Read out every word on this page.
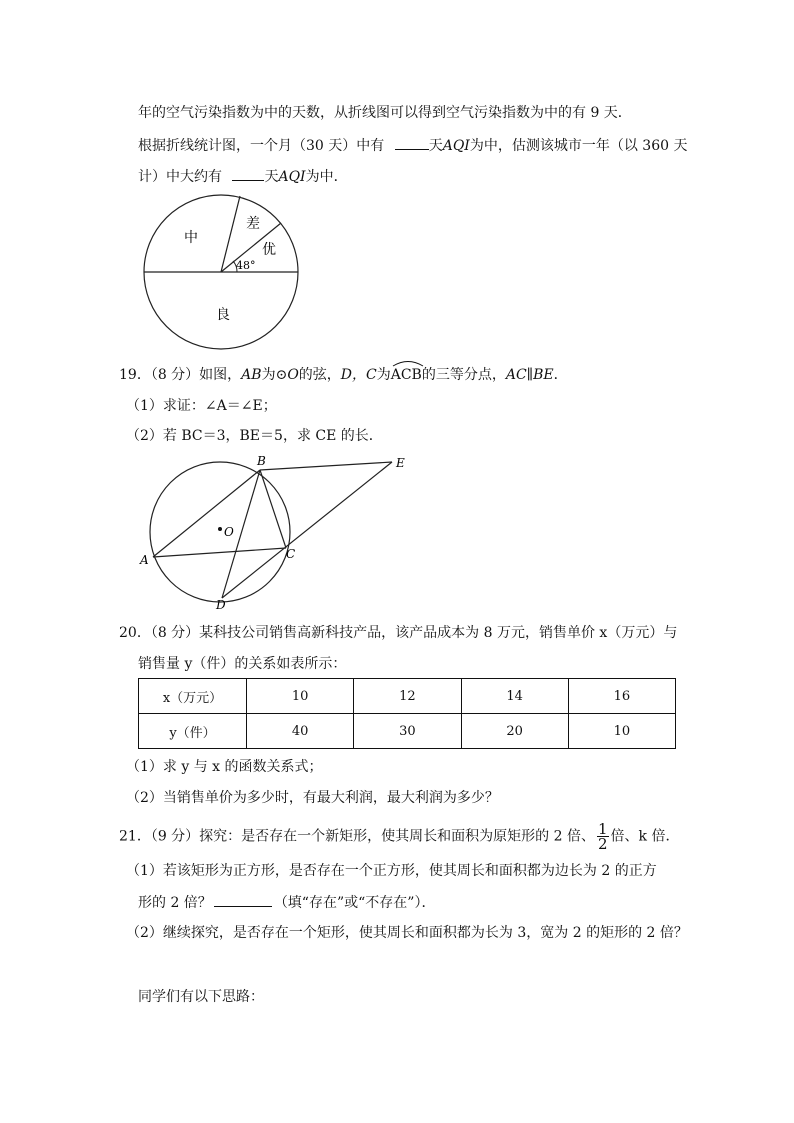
年的空气污染指数为中的天数，从折线图可以得到空气污染指数为中的有 9 天．
根据折线统计图，一个月（30 天）中有	天AQI为中，估测该城市一年（以 360 天
计）中大约有	天AQI为中．
中
差
优
48°
良
19．（8 分）如图，AB为⊙O的弦，D，C为
ACB的三等分点，AC∥BE．
（1）求证：∠A＝∠E；
（2）若 BC＝3，BE＝5，求 CE 的长．
A
B
C
D
E
O
20．（8 分）某科技公司销售高新科技产品，该产品成本为 8 万元，销售单价 x（万元）与
销售量 y（件）的关系如表所示：
x（万元）	10	12	14	16
y（件）	40	30	20	10
（1）求 y 与 x 的函数关系式；
（2）当销售单价为多少时，有最大利润，最大利润为多少？
21．（9 分）探究：是否存在一个新矩形，使其周长和面积为原矩形的 2 倍、 $\frac{1}{2}$ 倍、k 倍．
（1）若该矩形为正方形，是否存在一个正方形，使其周长和面积都为边长为 2 的正方
形的 2 倍？	（填“存在”或“不存在”）．
（2）继续探究，是否存在一个矩形，使其周长和面积都为长为 3，宽为 2 的矩形的 2 倍？
同学们有以下思路：
